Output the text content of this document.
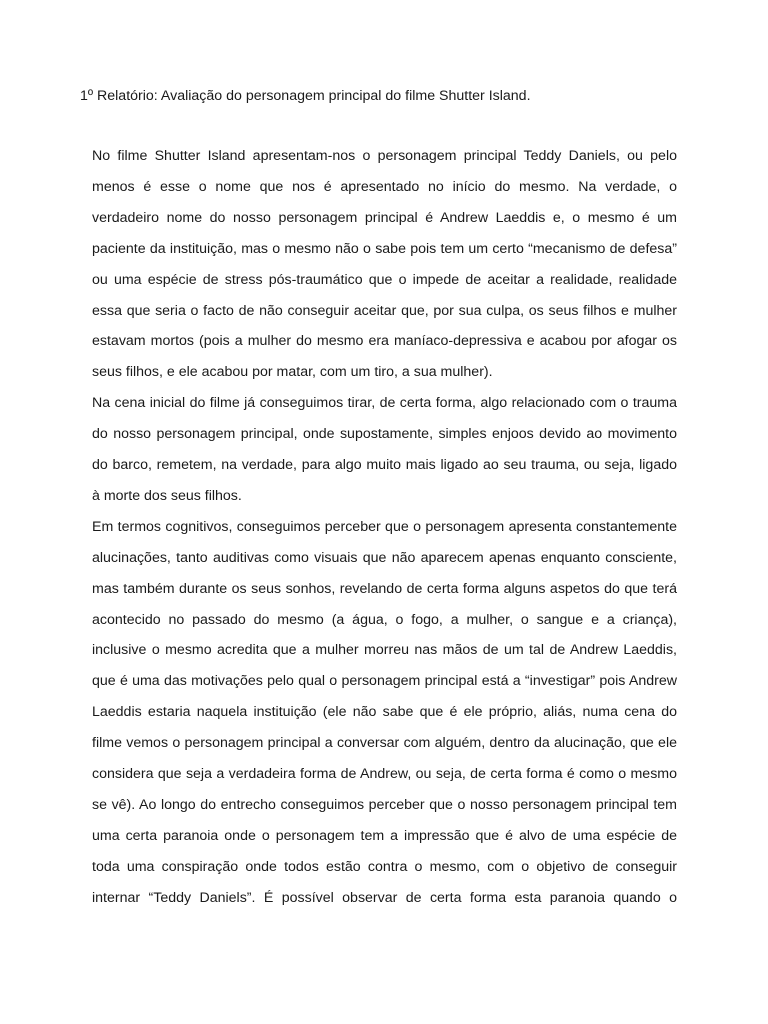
1º Relatório: Avaliação do personagem principal do filme Shutter Island.
No filme Shutter Island apresentam-nos o personagem principal Teddy Daniels, ou pelo
menos é esse o nome que nos é apresentado no início do mesmo. Na verdade, o
verdadeiro nome do nosso personagem principal é Andrew Laeddis e, o mesmo é um
paciente da instituição, mas o mesmo não o sabe pois tem um certo “mecanismo de defesa”
ou uma espécie de stress pós-traumático que o impede de aceitar a realidade, realidade
essa que seria o facto de não conseguir aceitar que, por sua culpa, os seus filhos e mulher
estavam mortos (pois a mulher do mesmo era maníaco-depressiva e acabou por afogar os
seus filhos, e ele acabou por matar, com um tiro, a sua mulher).
Na cena inicial do filme já conseguimos tirar, de certa forma, algo relacionado com o trauma
do nosso personagem principal, onde supostamente, simples enjoos devido ao movimento
do barco, remetem, na verdade, para algo muito mais ligado ao seu trauma, ou seja, ligado
à morte dos seus filhos.
Em termos cognitivos, conseguimos perceber que o personagem apresenta constantemente
alucinações, tanto auditivas como visuais que não aparecem apenas enquanto consciente,
mas também durante os seus sonhos, revelando de certa forma alguns aspetos do que terá
acontecido no passado do mesmo (a água, o fogo, a mulher, o sangue e a criança),
inclusive o mesmo acredita que a mulher morreu nas mãos de um tal de Andrew Laeddis,
que é uma das motivações pelo qual o personagem principal está a “investigar” pois Andrew
Laeddis estaria naquela instituição (ele não sabe que é ele próprio, aliás, numa cena do
filme vemos o personagem principal a conversar com alguém, dentro da alucinação, que ele
considera que seja a verdadeira forma de Andrew, ou seja, de certa forma é como o mesmo
se vê). Ao longo do entrecho conseguimos perceber que o nosso personagem principal tem
uma certa paranoia onde o personagem tem a impressão que é alvo de uma espécie de
toda uma conspiração onde todos estão contra o mesmo, com o objetivo de conseguir
internar “Teddy Daniels”. É possível observar de certa forma esta paranoia quando o
